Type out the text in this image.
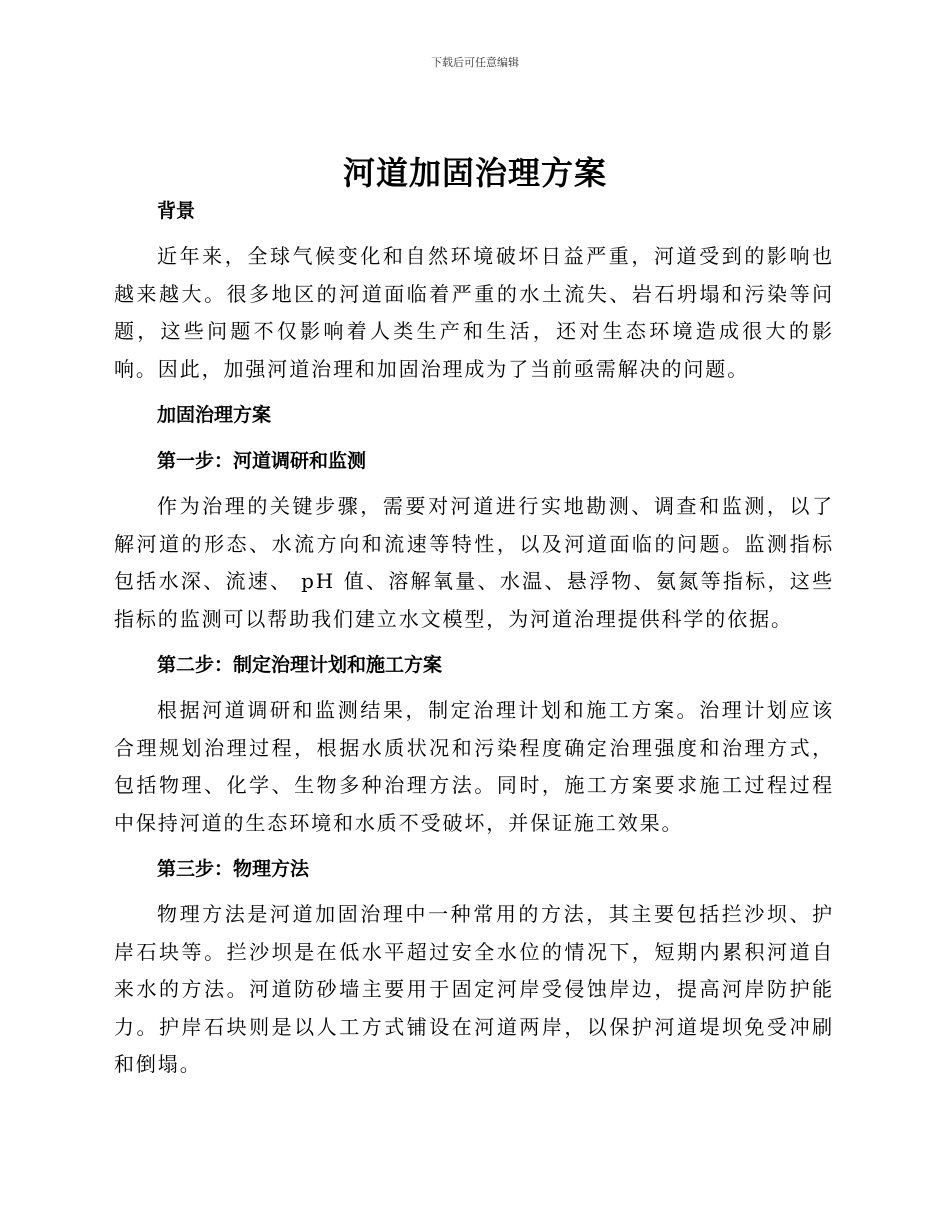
下载后可任意编辑
河道加固治理方案
背景

近年来，全球气候变化和自然环境破坏日益严重，河道受到的影响也越来越大。很多地区的河道面临着严重的水土流失、岩石坍塌和污染等问题，这些问题不仅影响着人类生产和生活，还对生态环境造成很大的影响。因此，加强河道治理和加固治理成为了当前亟需解决的问题。

加固治理方案
第一步：河道调研和监测

作为治理的关键步骤，需要对河道进行实地勘测、调查和监测，以了解河道的形态、水流方向和流速等特性，以及河道面临的问题。监测指标包括水深、流速、 pH 值、溶解氧量、水温、悬浮物、氨氮等指标，这些指标的监测可以帮助我们建立水文模型，为河道治理提供科学的依据。

第二步：制定治理计划和施工方案

根据河道调研和监测结果，制定治理计划和施工方案。治理计划应该合理规划治理过程，根据水质状况和污染程度确定治理强度和治理方式，包括物理、化学、生物多种治理方法。同时，施工方案要求施工过程过程中保持河道的生态环境和水质不受破坏，并保证施工效果。

第三步：物理方法

物理方法是河道加固治理中一种常用的方法，其主要包括拦沙坝、护岸石块等。拦沙坝是在低水平超过安全水位的情况下，短期内累积河道自来水的方法。河道防砂墙主要用于固定河岸受侵蚀岸边，提高河岸防护能力。护岸石块则是以人工方式铺设在河道两岸，以保护河道堤坝免受冲刷和倒塌。
